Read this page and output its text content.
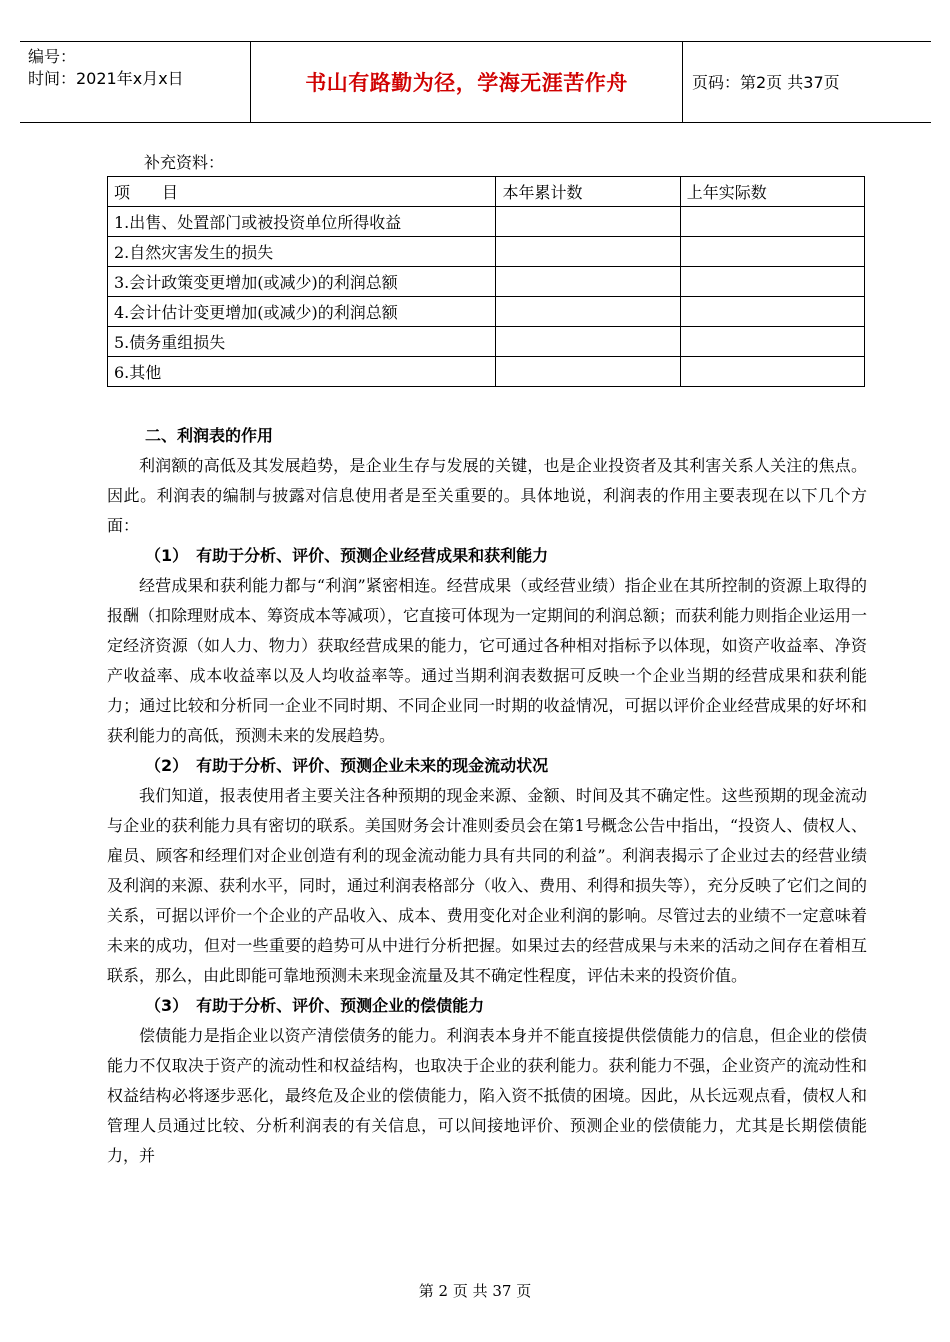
编号：
时间：2021年x月x日	书山有路勤为径，学海无涯苦作舟	页码：第2页 共37页
补充资料：
项　　目	本年累计数	上年实际数
1.出售、处置部门或被投资单位所得收益		
2.自然灾害发生的损失		
3.会计政策变更增加(或减少)的利润总额		
4.会计估计变更增加(或减少)的利润总额		
5.债务重组损失		
6.其他		

二、利润表的作用

利润额的高低及其发展趋势，是企业生存与发展的关键，也是企业投资者及其利害关系人关注的焦点。因此。利润表的编制与披露对信息使用者是至关重要的。具体地说，利润表的作用主要表现在以下几个方面：

（1）　有助于分析、评价、预测企业经营成果和获利能力

经营成果和获利能力都与“利润”紧密相连。经营成果（或经营业绩）指企业在其所控制的资源上取得的报酬（扣除理财成本、筹资成本等减项），它直接可体现为一定期间的利润总额；而获利能力则指企业运用一定经济资源（如人力、物力）获取经营成果的能力，它可通过各种相对指标予以体现，如资产收益率、净资产收益率、成本收益率以及人均收益率等。通过当期利润表数据可反映一个企业当期的经营成果和获利能力；通过比较和分析同一企业不同时期、不同企业同一时期的收益情况，可据以评价企业经营成果的好坏和获利能力的高低，预测未来的发展趋势。

（2）　有助于分析、评价、预测企业未来的现金流动状况

我们知道，报表使用者主要关注各种预期的现金来源、金额、时间及其不确定性。这些预期的现金流动与企业的获利能力具有密切的联系。美国财务会计准则委员会在第1号概念公告中指出，“投资人、债权人、雇员、顾客和经理们对企业创造有利的现金流动能力具有共同的利益”。利润表揭示了企业过去的经营业绩及利润的来源、获利水平，同时，通过利润表格部分（收入、费用、利得和损失等），充分反映了它们之间的关系，可据以评价一个企业的产品收入、成本、费用变化对企业利润的影响。尽管过去的业绩不一定意味着未来的成功，但对一些重要的趋势可从中进行分析把握。如果过去的经营成果与未来的活动之间存在着相互联系，那么，由此即能可靠地预测未来现金流量及其不确定性程度，评估未来的投资价值。

（3）　有助于分析、评价、预测企业的偿债能力

偿债能力是指企业以资产清偿债务的能力。利润表本身并不能直接提供偿债能力的信息，但企业的偿债能力不仅取决于资产的流动性和权益结构，也取决于企业的获利能力。获利能力不强，企业资产的流动性和权益结构必将逐步恶化，最终危及企业的偿债能力，陷入资不抵债的困境。因此，从长远观点看，债权人和管理人员通过比较、分析利润表的有关信息，可以间接地评价、预测企业的偿债能力，尤其是长期偿债能力，并

第 2 页 共 37 页
